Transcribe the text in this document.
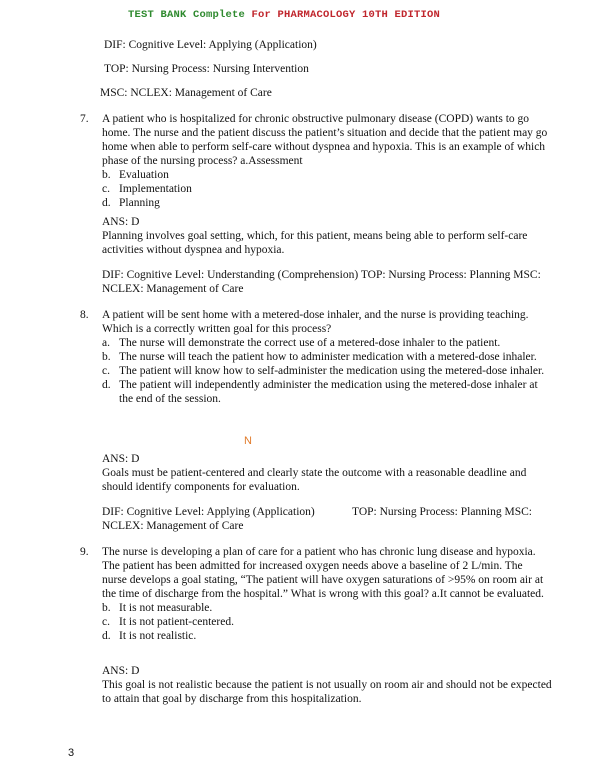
TEST BANK Complete For PHARMACOLOGY 10TH EDITION
DIF: Cognitive Level: Applying (Application)
TOP: Nursing Process: Nursing Intervention
MSC: NCLEX: Management of Care
7. A patient who is hospitalized for chronic obstructive pulmonary disease (COPD) wants to go home. The nurse and the patient discuss the patient’s situation and decide that the patient may go home when able to perform self-care without dyspnea and hypoxia. This is an example of which phase of the nursing process? a.Assessment
b. Evaluation
c. Implementation
d. Planning
ANS: D
Planning involves goal setting, which, for this patient, means being able to perform self-care activities without dyspnea and hypoxia.
DIF: Cognitive Level: Understanding (Comprehension) TOP: Nursing Process: Planning MSC: NCLEX: Management of Care
8. A patient will be sent home with a metered-dose inhaler, and the nurse is providing teaching. Which is a correctly written goal for this process?
a. The nurse will demonstrate the correct use of a metered-dose inhaler to the patient.
b. The nurse will teach the patient how to administer medication with a metered-dose inhaler.
c. The patient will know how to self-administer the medication using the metered-dose inhaler.
d. The patient will independently administer the medication using the metered-dose inhaler at the end of the session.
N
ANS: D
Goals must be patient-centered and clearly state the outcome with a reasonable deadline and should identify components for evaluation.
DIF: Cognitive Level: Applying (Application)	TOP: Nursing Process: Planning MSC:
NCLEX: Management of Care
9. The nurse is developing a plan of care for a patient who has chronic lung disease and hypoxia. The patient has been admitted for increased oxygen needs above a baseline of 2 L/min. The nurse develops a goal stating, “The patient will have oxygen saturations of >95% on room air at the time of discharge from the hospital.” What is wrong with this goal? a.It cannot be evaluated.
b. It is not measurable.
c. It is not patient-centered.
d. It is not realistic.
ANS: D
This goal is not realistic because the patient is not usually on room air and should not be expected to attain that goal by discharge from this hospitalization.
3
